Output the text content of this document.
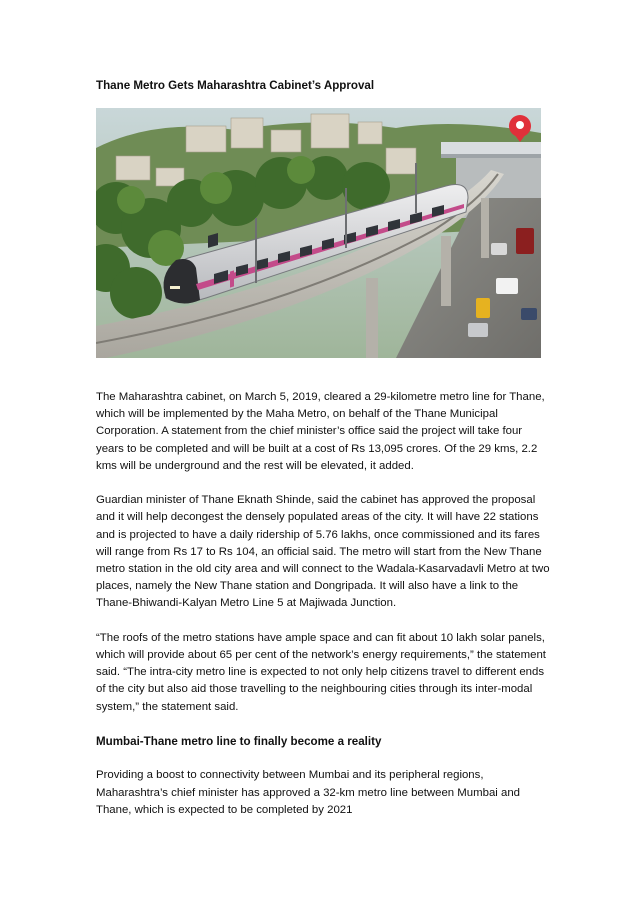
Thane Metro Gets Maharashtra Cabinet’s Approval

The Maharashtra cabinet, on March 5, 2019, cleared a 29-kilometre metro line for Thane, which will be implemented by the Maha Metro, on behalf of the Thane Municipal Corporation. A statement from the chief minister’s office said the project will take four years to be completed and will be built at a cost of Rs 13,095 crores. Of the 29 kms, 2.2 kms will be underground and the rest will be elevated, it added.

Guardian minister of Thane Eknath Shinde, said the cabinet has approved the proposal and it will help decongest the densely populated areas of the city. It will have 22 stations and is projected to have a daily ridership of 5.76 lakhs, once commissioned and its fares will range from Rs 17 to Rs 104, an official said. The metro will start from the New Thane metro station in the old city area and will connect to the Wadala-Kasarvadavli Metro at two places, namely the New Thane station and Dongripada. It will also have a link to the Thane-Bhiwandi-Kalyan Metro Line 5 at Majiwada Junction.

“The roofs of the metro stations have ample space and can fit about 10 lakh solar panels, which will provide about 65 per cent of the network’s energy requirements,” the statement said. “The intra-city metro line is expected to not only help citizens travel to different ends of the city but also aid those travelling to the neighbouring cities through its inter-modal system,” the statement said.

Mumbai-Thane metro line to finally become a reality

Providing a boost to connectivity between Mumbai and its peripheral regions, Maharashtra’s chief minister has approved a 32-km metro line between Mumbai and Thane, which is expected to be completed by 2021
